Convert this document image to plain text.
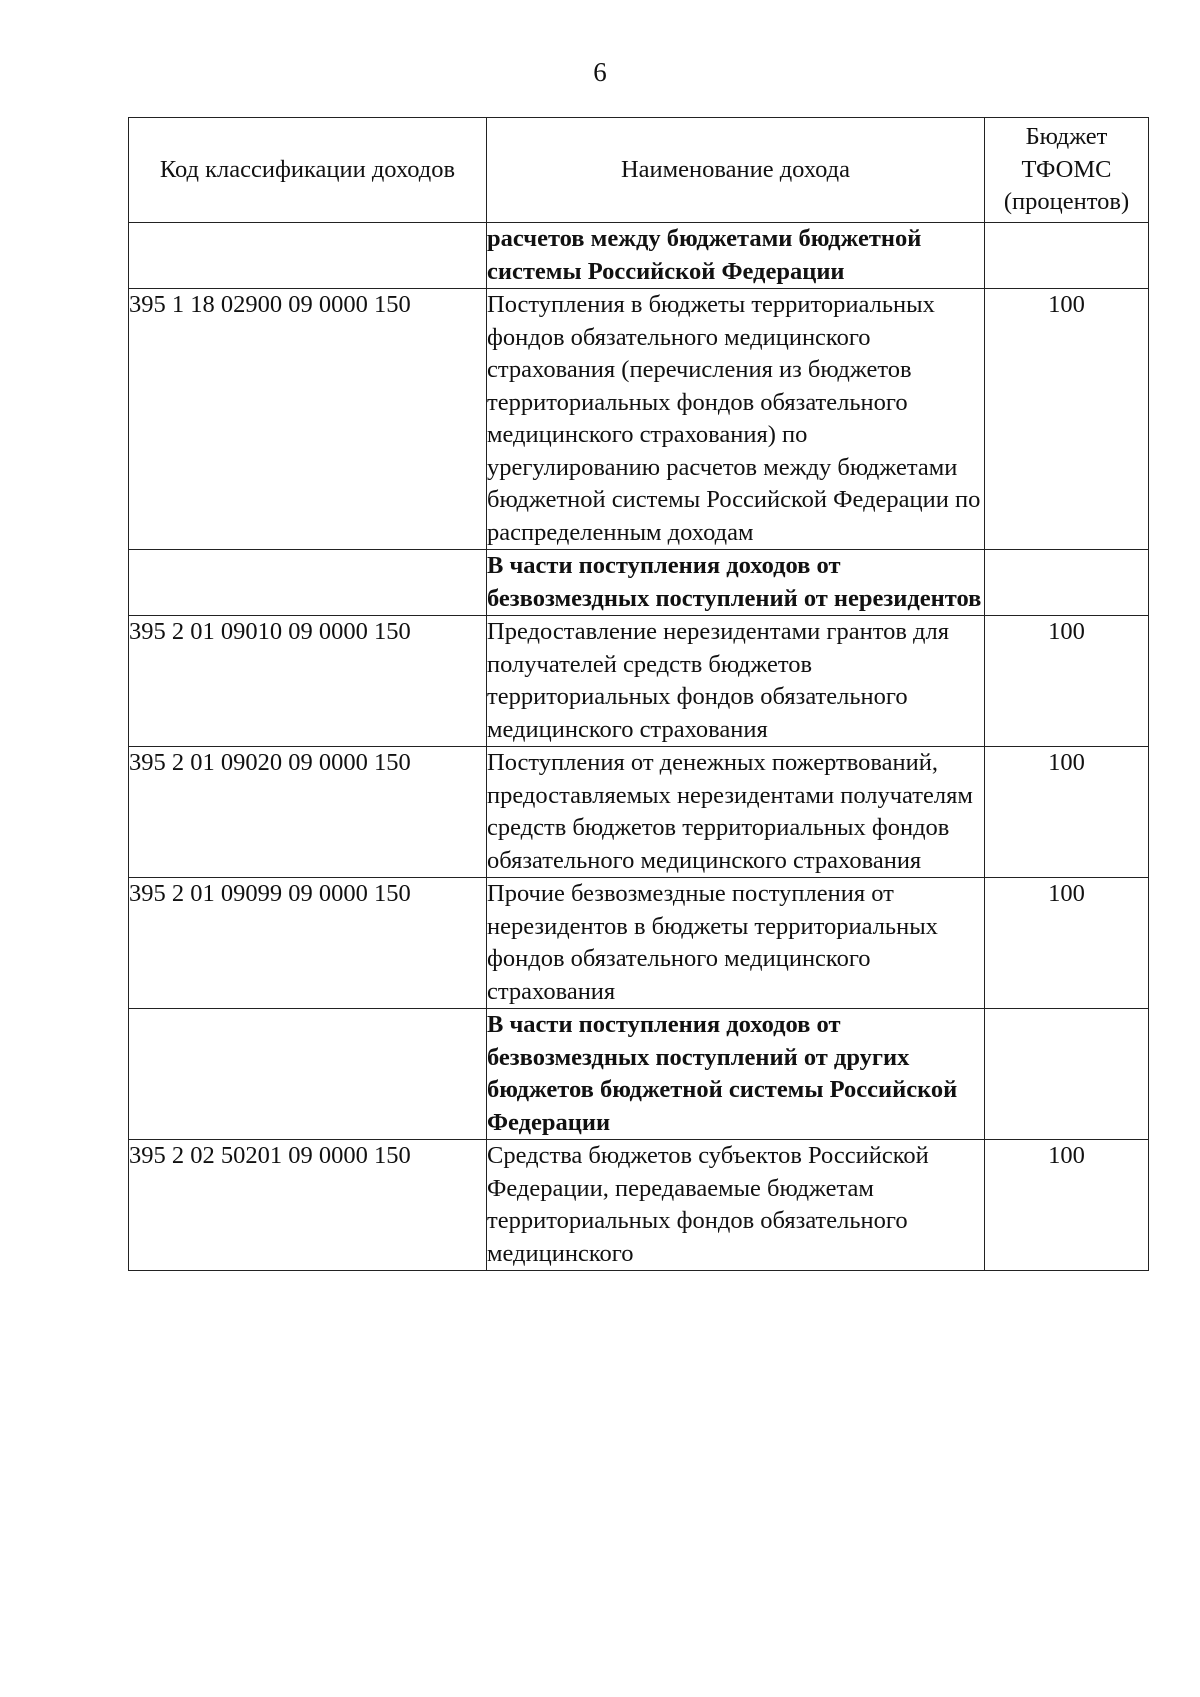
6
Код классификации доходов	Наименование дохода	Бюджет ТФОМС (процентов)
	расчетов между бюджетами бюджетной системы Российской Федерации	
395 1 18 02900 09 0000 150	Поступления в бюджеты территориальных фондов обязательного медицинского страхования (перечисления из бюджетов территориальных фондов обязательного медицинского страхования) по урегулированию расчетов между бюджетами бюджетной системы Российской Федерации по распределенным доходам	100
	В части поступления доходов от безвозмездных поступлений от нерезидентов	
395 2 01 09010 09 0000 150	Предоставление нерезидентами грантов для получателей средств бюджетов территориальных фондов обязательного медицинского страхования	100
395 2 01 09020 09 0000 150	Поступления от денежных пожертвований, предоставляемых нерезидентами получателям средств бюджетов территориальных фондов обязательного медицинского страхования	100
395 2 01 09099 09 0000 150	Прочие безвозмездные поступления от нерезидентов в бюджеты территориальных фондов обязательного медицинского страхования	100
	В части поступления доходов от безвозмездных поступлений от других бюджетов бюджетной системы Российской Федерации	
395 2 02 50201 09 0000 150	Средства бюджетов субъектов Российской Федерации, передаваемые бюджетам территориальных фондов обязательного медицинского	100
